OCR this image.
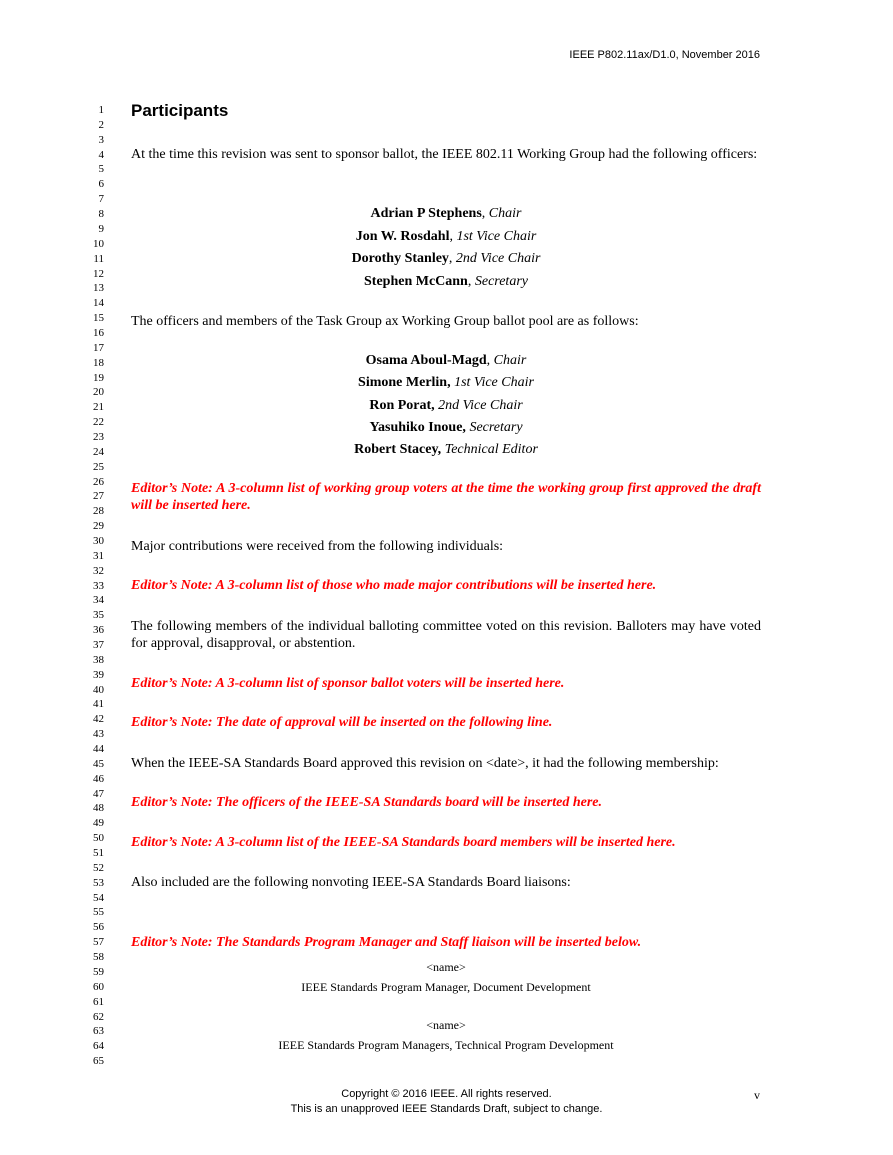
IEEE P802.11ax/D1.0, November 2016
1
2
3
4
5
6
7
8
9
10
11
12
13
14
15
16
17
18
19
20
21
22
23
24
25
26
27
28
29
30
31
32
33
34
35
36
37
38
39
40
41
42
43
44
45
46
47
48
49
50
51
52
53
54
55
56
57
58
59
60
61
62
63
64
65
Participants
At the time this revision was sent to sponsor ballot, the IEEE 802.11 Working Group had the following officers:
Adrian P Stephens, Chair
Jon W. Rosdahl, 1st Vice Chair
Dorothy Stanley, 2nd Vice Chair
Stephen McCann, Secretary
The officers and members of the Task Group ax Working Group ballot pool are as follows:
Osama Aboul-Magd, Chair
Simone Merlin, 1st Vice Chair
Ron Porat, 2nd Vice Chair
Yasuhiko Inoue, Secretary
Robert Stacey, Technical Editor
Editor’s Note: A 3-column list of working group voters at the time the working group first approved the draft will be inserted here.
Major contributions were received from the following individuals:
Editor’s Note: A 3-column list of those who made major contributions will be inserted here.
The following members of the individual balloting committee voted on this revision. Balloters may have voted for approval, disapproval, or abstention.
Editor’s Note: A 3-column list of sponsor ballot voters will be inserted here.
Editor’s Note: The date of approval will be inserted on the following line.
When the IEEE-SA Standards Board approved this revision on <date>, it had the following membership:
Editor’s Note: The officers of the IEEE-SA Standards board will be inserted here.
Editor’s Note: A 3-column list of the IEEE-SA Standards board members will be inserted here.
Also included are the following nonvoting IEEE-SA Standards Board liaisons:
Editor’s Note: The Standards Program Manager and Staff liaison will be inserted below.
<name>
IEEE Standards Program Manager, Document Development
<name>
IEEE Standards Program Managers, Technical Program Development
Copyright © 2016 IEEE. All rights reserved.
This is an unapproved IEEE Standards Draft, subject to change.
v
